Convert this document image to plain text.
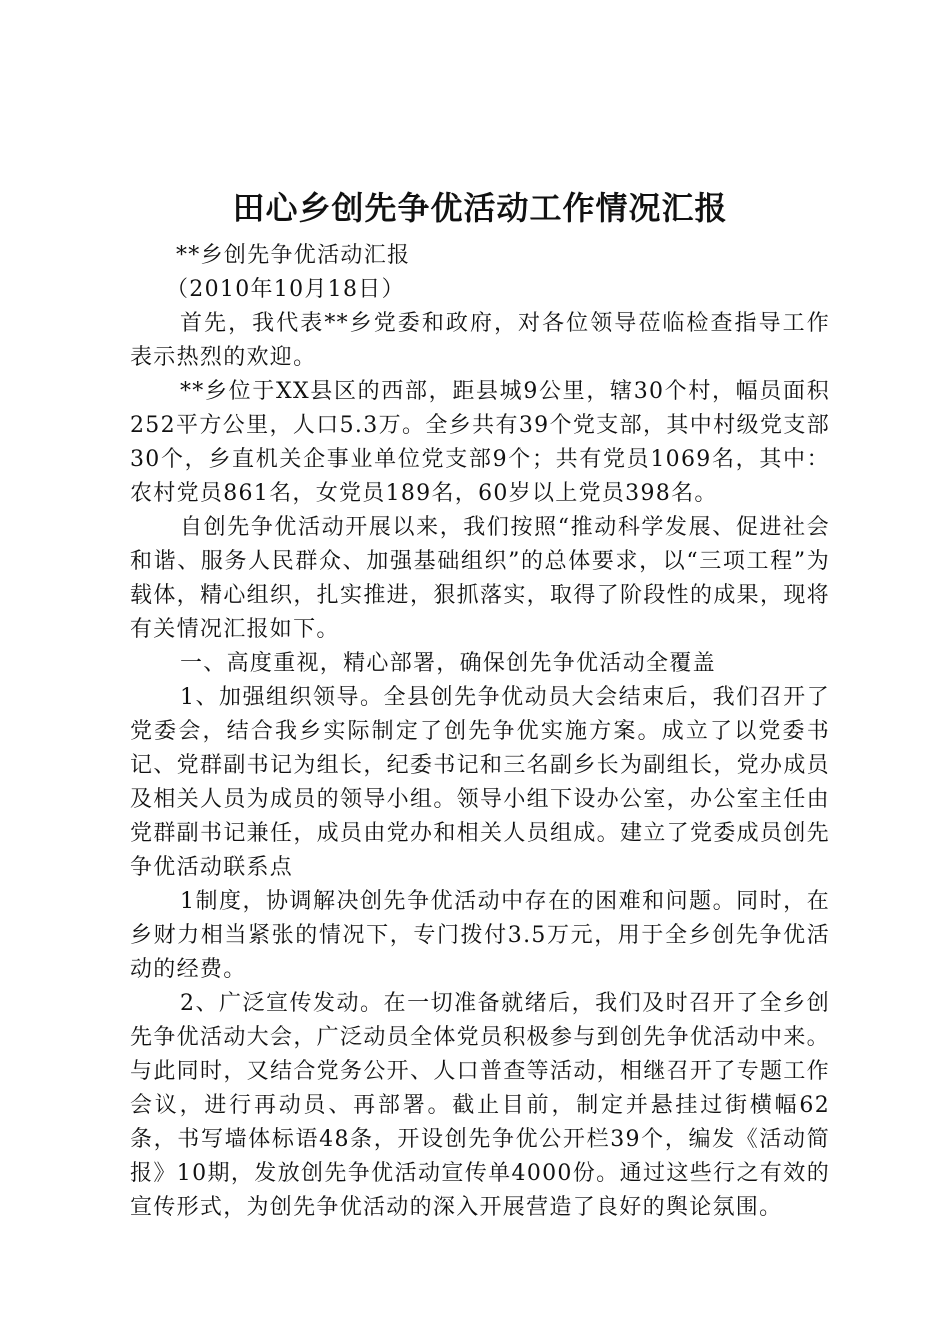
田心乡创先争优活动工作情况汇报
**乡创先争优活动汇报
（2010年10月18日）

首先，我代表**乡党委和政府，对各位领导莅临检查指导工作表示热烈的欢迎。

**乡位于XX县区的西部，距县城9公里，辖30个村，幅员面积252平方公里，人口5.3万。全乡共有39个党支部，其中村级党支部30个，乡直机关企事业单位党支部9个；共有党员1069名，其中：农村党员861名，女党员189名，60岁以上党员398名。

自创先争优活动开展以来，我们按照“推动科学发展、促进社会和谐、服务人民群众、加强基础组织”的总体要求，以“三项工程”为载体，精心组织，扎实推进，狠抓落实，取得了阶段性的成果，现将有关情况汇报如下。

一、高度重视，精心部署，确保创先争优活动全覆盖

1、加强组织领导。全县创先争优动员大会结束后，我们召开了党委会，结合我乡实际制定了创先争优实施方案。成立了以党委书记、党群副书记为组长，纪委书记和三名副乡长为副组长，党办成员及相关人员为成员的领导小组。领导小组下设办公室，办公室主任由党群副书记兼任，成员由党办和相关人员组成。建立了党委成员创先争优活动联系点

1制度，协调解决创先争优活动中存在的困难和问题。同时，在乡财力相当紧张的情况下，专门拨付3.5万元，用于全乡创先争优活动的经费。

2、广泛宣传发动。在一切准备就绪后，我们及时召开了全乡创先争优活动大会，广泛动员全体党员积极参与到创先争优活动中来。与此同时，又结合党务公开、人口普查等活动，相继召开了专题工作会议，进行再动员、再部署。截止目前，制定并悬挂过街横幅62条，书写墙体标语48条，开设创先争优公开栏39个，编发《活动简报》10期，发放创先争优活动宣传单4000份。通过这些行之有效的宣传形式，为创先争优活动的深入开展营造了良好的舆论氛围。
